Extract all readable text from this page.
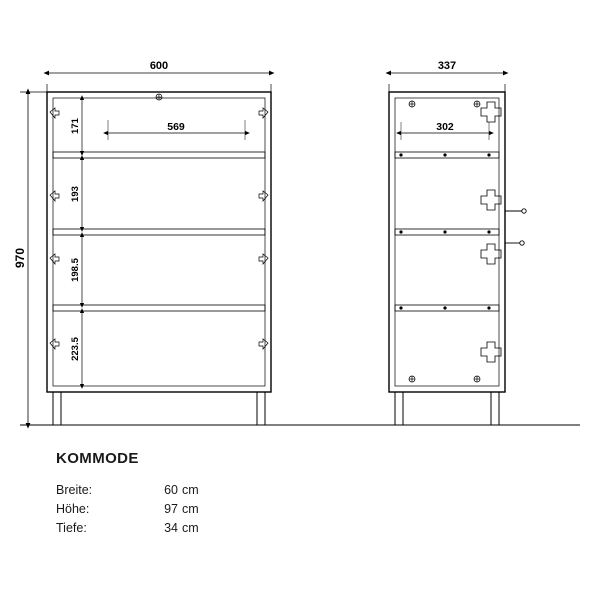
600
970
569
171
193
198.5
223.5
337
302
KOMMODE
Breite:	60 cm
Höhe:	97 cm
Tiefe:	34 cm
